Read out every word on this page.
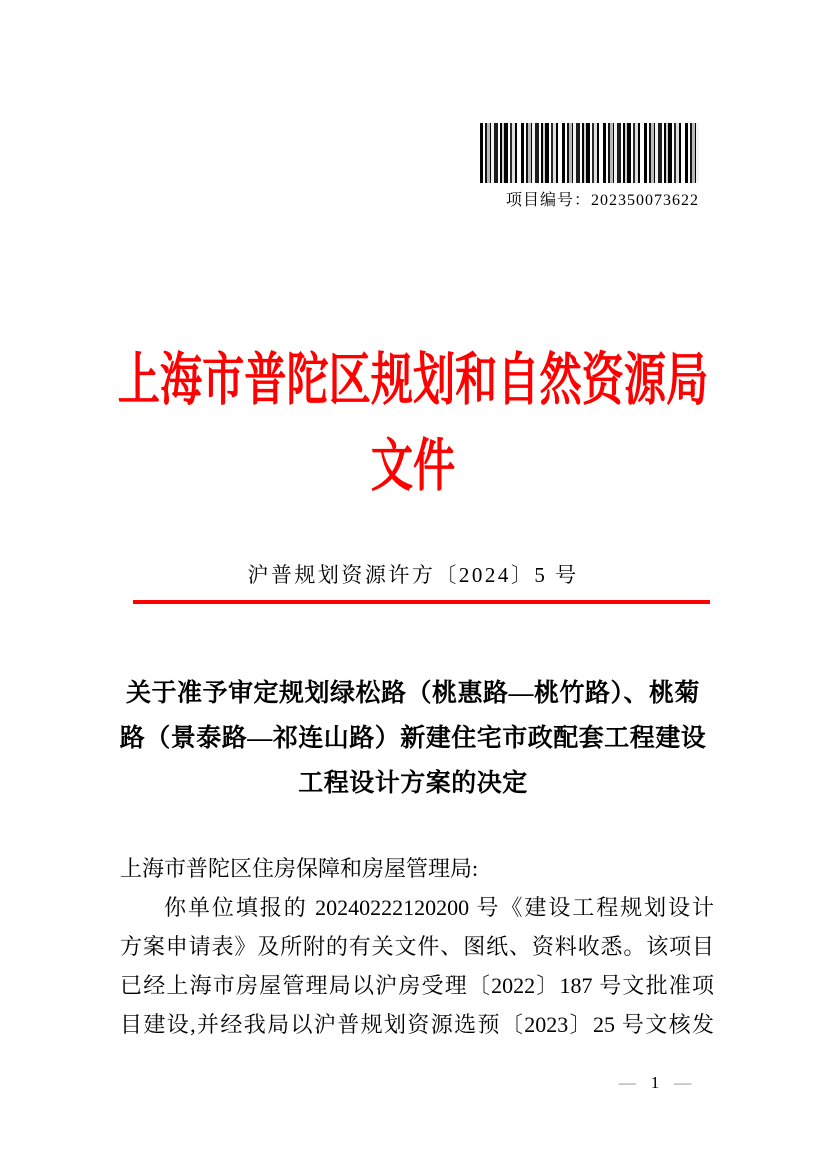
项目编号：202350073622
上海市普陀区规划和自然资源局
文件
沪普规划资源许方〔2024〕5 号
关于准予审定规划绿松路（桃惠路—桃竹路）、桃菊
路（景泰路—祁连山路）新建住宅市政配套工程建设
工程设计方案的决定
上海市普陀区住房保障和房屋管理局:
你单位填报的 20240222120200 号《建设工程规划设计
方案申请表》及所附的有关文件、图纸、资料收悉。该项目
已经上海市房屋管理局以沪房受理〔2022〕187 号文批准项
目建设,并经我局以沪普规划资源选预〔2023〕25 号文核发
— 1 —
